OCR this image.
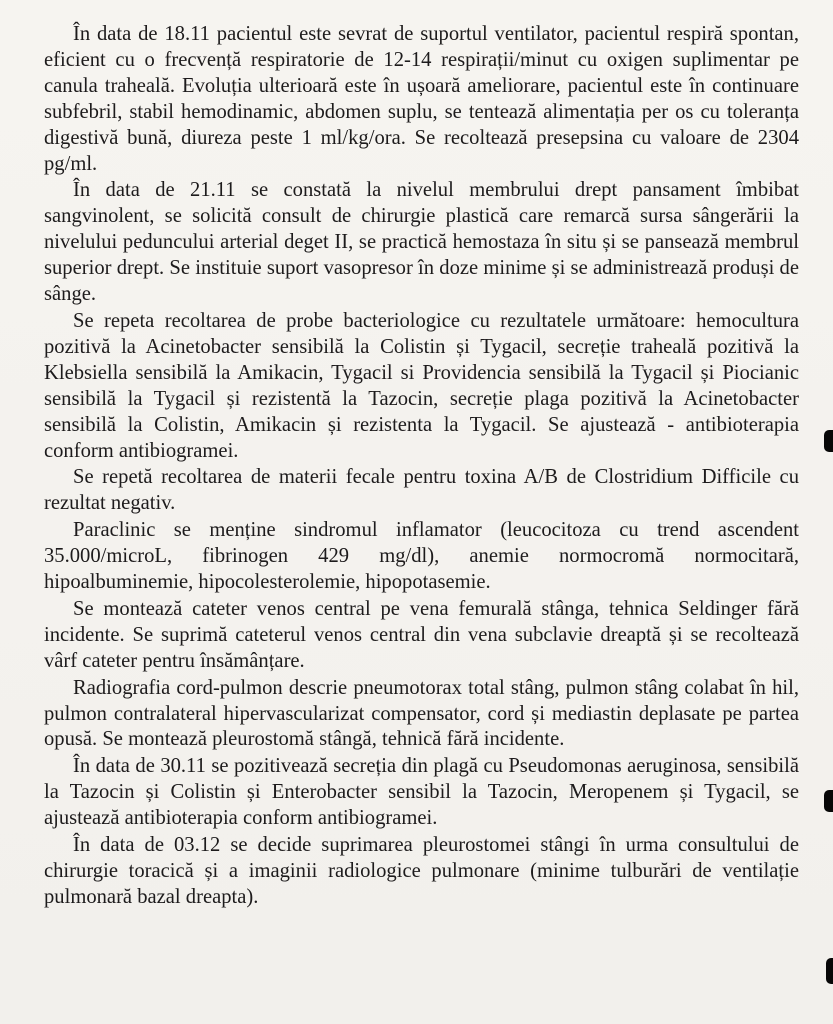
În data de 18.11 pacientul este sevrat de suportul ventilator, pacientul respiră spontan, eficient cu o frecvență respiratorie de 12-14 respirații/minut cu oxigen suplimentar pe canula traheală. Evoluția ulterioară este în ușoară ameliorare, pacientul este în continuare subfebril, stabil hemodinamic, abdomen suplu, se tentează alimentația per os cu toleranța digestivă bună, diureza peste 1 ml/kg/ora. Se recoltează presepsina cu valoare de 2304 pg/ml.

În data de 21.11 se constată la nivelul membrului drept pansament îmbibat sangvinolent, se solicită consult de chirurgie plastică care remarcă sursa sângerării la nivelului peduncului arterial deget II, se practică hemostaza în situ și se pansează membrul superior drept. Se instituie suport vasopresor în doze minime și se administrează produși de sânge.

Se repeta recoltarea de probe bacteriologice cu rezultatele următoare: hemocultura pozitivă la Acinetobacter sensibilă la Colistin și Tygacil, secreție traheală pozitivă la Klebsiella sensibilă la Amikacin, Tygacil si Providencia sensibilă la Tygacil și Piocianic sensibilă la Tygacil și rezistentă la Tazocin, secreție plaga pozitivă la Acinetobacter sensibilă la Colistin, Amikacin și rezistenta la Tygacil. Se ajustează - antibioterapia conform antibiogramei.

Se repetă recoltarea de materii fecale pentru toxina A/B de Clostridium Difficile cu rezultat negativ.

Paraclinic se menține sindromul inflamator (leucocitoza cu trend ascendent 35.000/microL, fibrinogen 429 mg/dl), anemie normocromă normocitară, hipoalbuminemie, hipocolesterolemie, hipopotasemie.

Se montează cateter venos central pe vena femurală stânga, tehnica Seldinger fără incidente. Se suprimă cateterul venos central din vena subclavie dreaptă și se recoltează vârf cateter pentru însămânțare.

Radiografia cord-pulmon descrie pneumotorax total stâng, pulmon stâng colabat în hil, pulmon contralateral hipervascularizat compensator, cord și mediastin deplasate pe partea opusă. Se montează pleurostomă stângă, tehnică fără incidente.

În data de 30.11 se pozitivează secreția din plagă cu Pseudomonas aeruginosa, sensibilă la Tazocin și Colistin și Enterobacter sensibil la Tazocin, Meropenem și Tygacil, se ajustează antibioterapia conform antibiogramei.

În data de 03.12 se decide suprimarea pleurostomei stângi în urma consultului de chirurgie toracică și a imaginii radiologice pulmonare (minime tulburări de ventilație pulmonară bazal dreapta).
